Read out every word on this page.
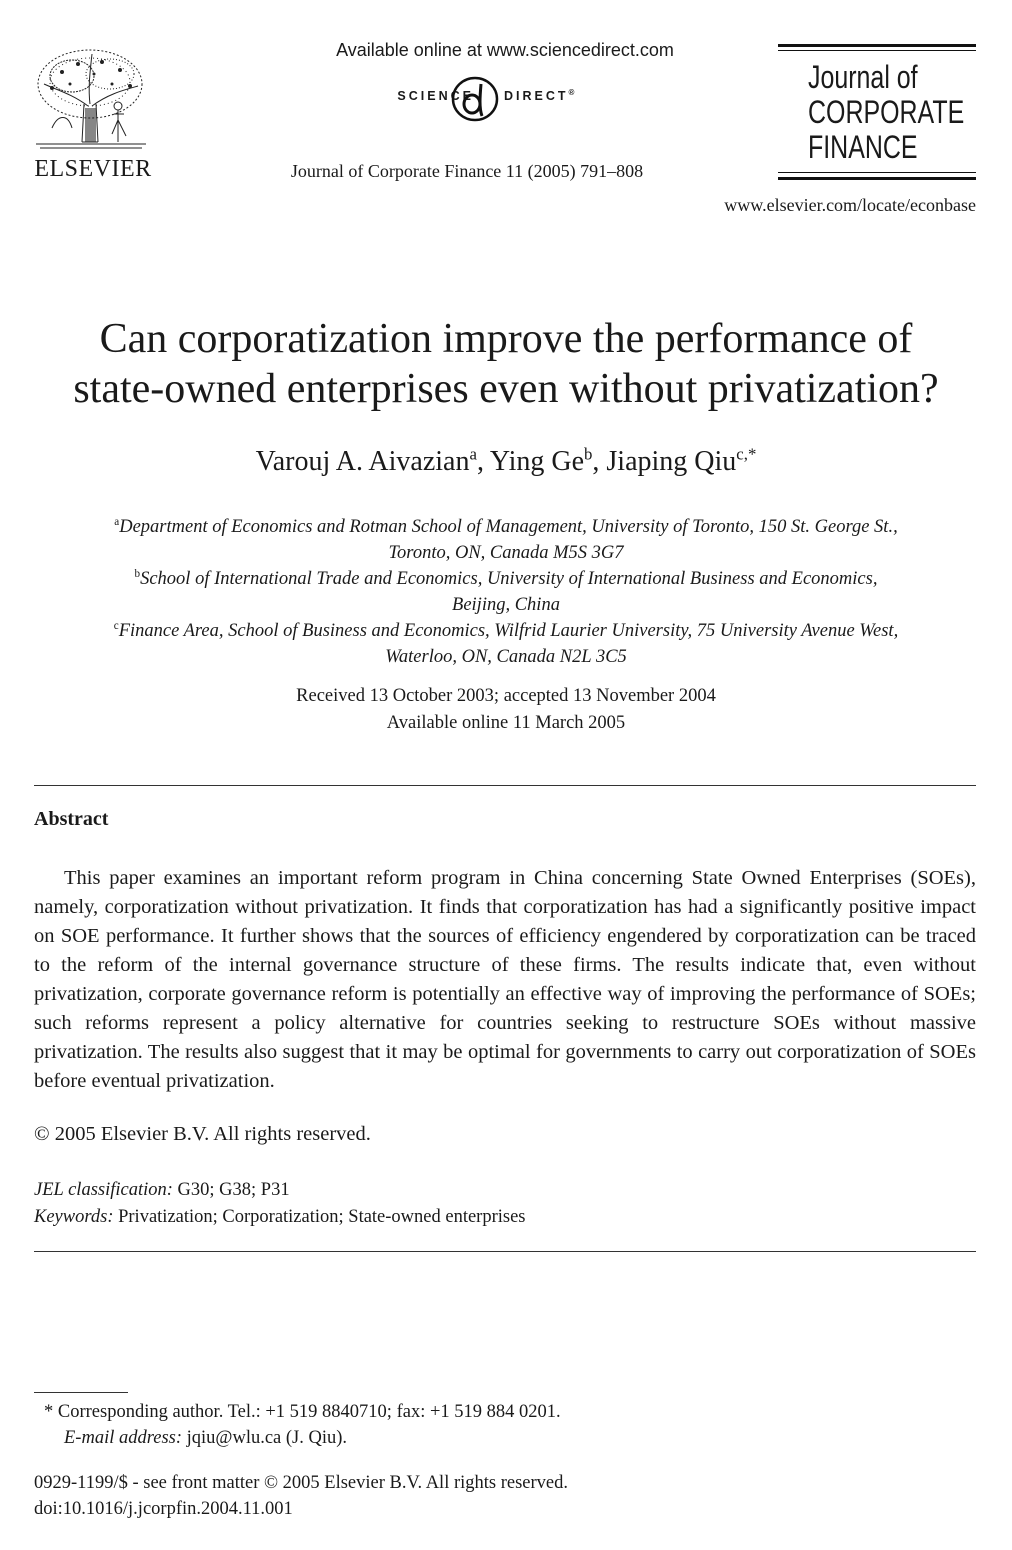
ELSEVIER
Available online at www.sciencedirect.com
SCIENCE DIRECT®
Journal of Corporate Finance 11 (2005) 791–808
Journal of
CORPORATE
FINANCE
www.elsevier.com/locate/econbase
Can corporatization improve the performance of
state-owned enterprises even without privatization?
Varouj A. Aivazian$^a$, Ying Ge$^b$, Jiaping Qiu$^{c,*}$
$^a$Department of Economics and Rotman School of Management, University of Toronto, 150 St. George St.,
Toronto, ON, Canada M5S 3G7
$^b$School of International Trade and Economics, University of International Business and Economics,
Beijing, China
$^c$Finance Area, School of Business and Economics, Wilfrid Laurier University, 75 University Avenue West,
Waterloo, ON, Canada N2L 3C5
Received 13 October 2003; accepted 13 November 2004
Available online 11 March 2005
Abstract
This paper examines an important reform program in China concerning State Owned Enterprises (SOEs), namely, corporatization without privatization. It finds that corporatization has had a significantly positive impact on SOE performance. It further shows that the sources of efficiency engendered by corporatization can be traced to the reform of the internal governance structure of these firms. The results indicate that, even without privatization, corporate governance reform is potentially an effective way of improving the performance of SOEs; such reforms represent a policy alternative for countries seeking to restructure SOEs without massive privatization. The results also suggest that it may be optimal for governments to carry out corporatization of SOEs before eventual privatization.
© 2005 Elsevier B.V. All rights reserved.
JEL classification: G30; G38; P31
Keywords: Privatization; Corporatization; State-owned enterprises
* Corresponding author. Tel.: +1 519 8840710; fax: +1 519 884 0201.
E-mail address: jqiu@wlu.ca (J. Qiu).
0929-1199/$ - see front matter © 2005 Elsevier B.V. All rights reserved.
doi:10.1016/j.jcorpfin.2004.11.001
